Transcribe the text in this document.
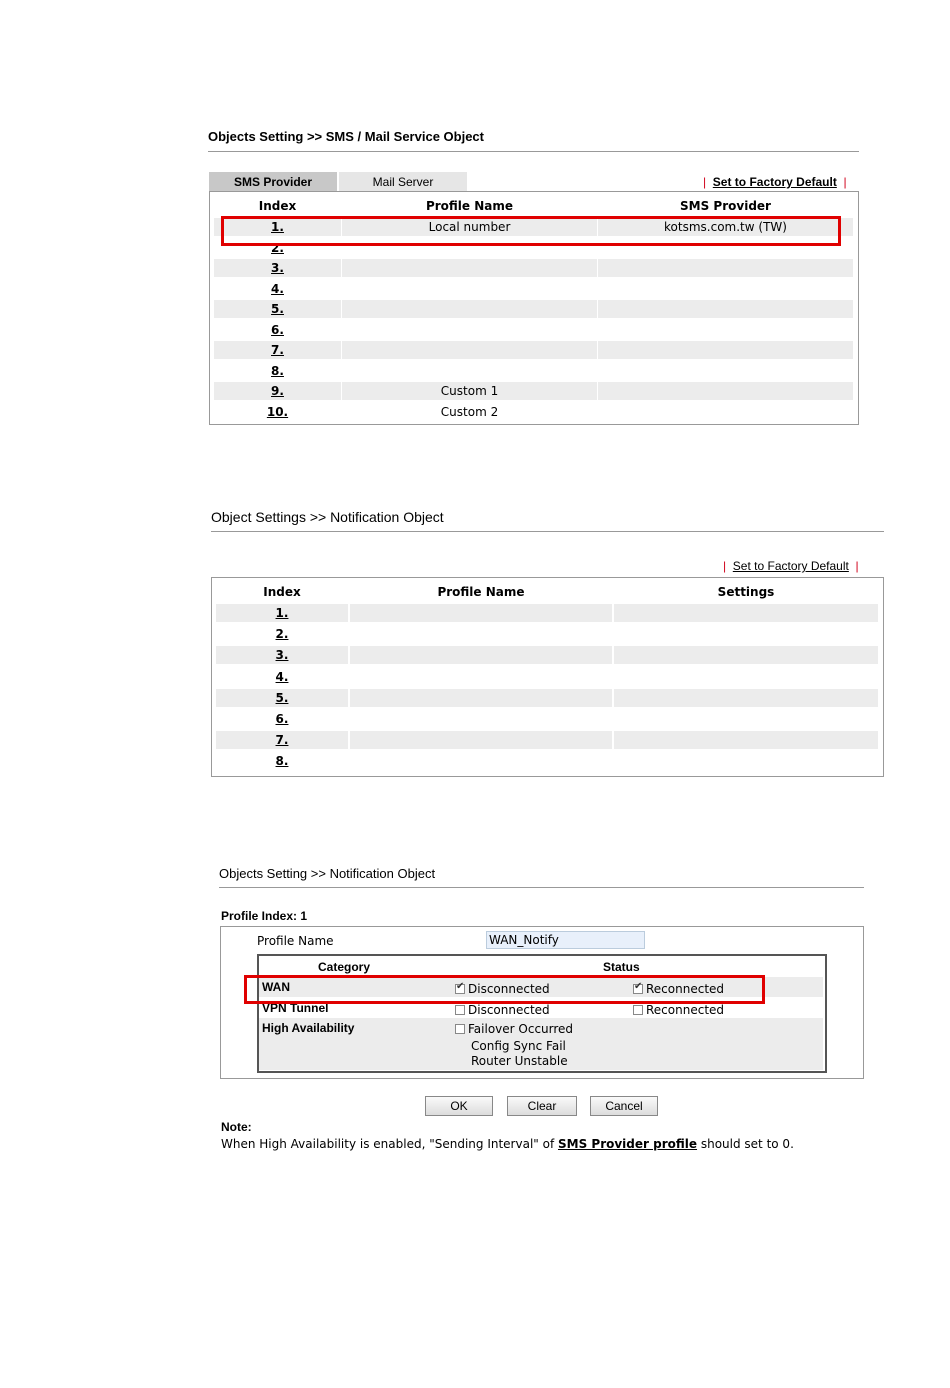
Objects Setting >> SMS / Mail Service Object
SMS Provider	Mail Server	| Set to Factory Default |
Index	Profile Name	SMS Provider
1.	Local number	kotsms.com.tw (TW)
2.
3.
4.
5.
6.
7.
8.
9.	Custom 1
10.	Custom 2
Object Settings >> Notification Object
| Set to Factory Default |
Index	Profile Name	Settings
1.
2.
3.
4.
5.
6.
7.
8.
Objects Setting >> Notification Object
Profile Index: 1
Profile Name	WAN_Notify
Category	Status
WAN ✔	Disconnected ✔	Reconnected
VPN Tunnel	Disconnected	Reconnected
High Availability	Failover Occurred
Config Sync Fail
Router Unstable
OK	Clear	Cancel
Note:
When High Availability is enabled, "Sending Interval" of SMS Provider profile should set to 0.
